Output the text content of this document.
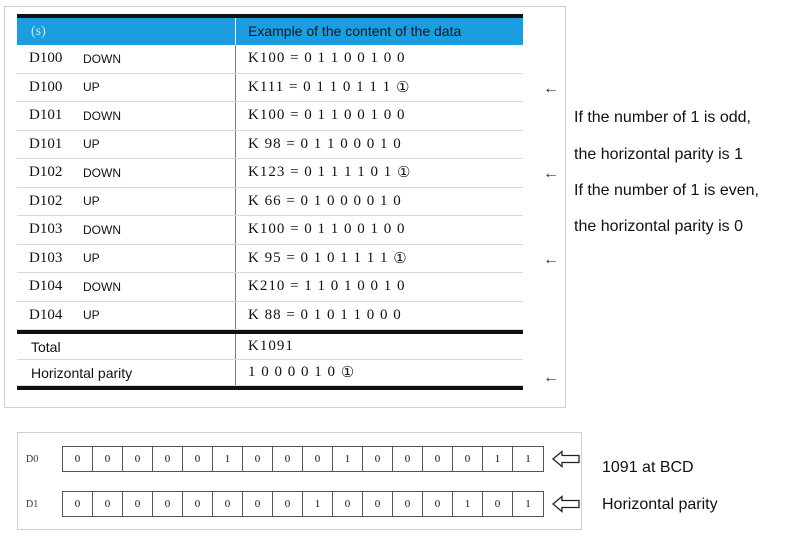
(s)	Example of the content of the data
D100	DOWN	K100 = 0 1 1 0 0 1 0 0
D100	UP	K111 = 0 1 1 0 1 1 1 ①
D101	DOWN	K100 = 0 1 1 0 0 1 0 0
D101	UP	K 98 = 0 1 1 0 0 0 1 0
D102	DOWN	K123 = 0 1 1 1 1 0 1 ①
D102	UP	K 66 = 0 1 0 0 0 0 1 0
D103	DOWN	K100 = 0 1 1 0 0 1 0 0
D103	UP	K 95 = 0 1 0 1 1 1 1 ①
D104	DOWN	K210 = 1 1 0 1 0 0 1 0
D104	UP	K 88 = 0 1 0 1 1 0 0 0
Total	K1091
Horizontal parity	1 0 0 0 0 1 0 ①
←
←
←
←
If the number of 1 is odd,
the horizontal parity is 1
If the number of 1 is even,
the horizontal parity is 0
D0	0	0	0	0	0	1	0	0	0	1	0	0	0	0	1	1
D1	0	0	0	0	0	0	0	0	1	0	0	0	0	1	0	1
1091 at BCD
Horizontal parity
